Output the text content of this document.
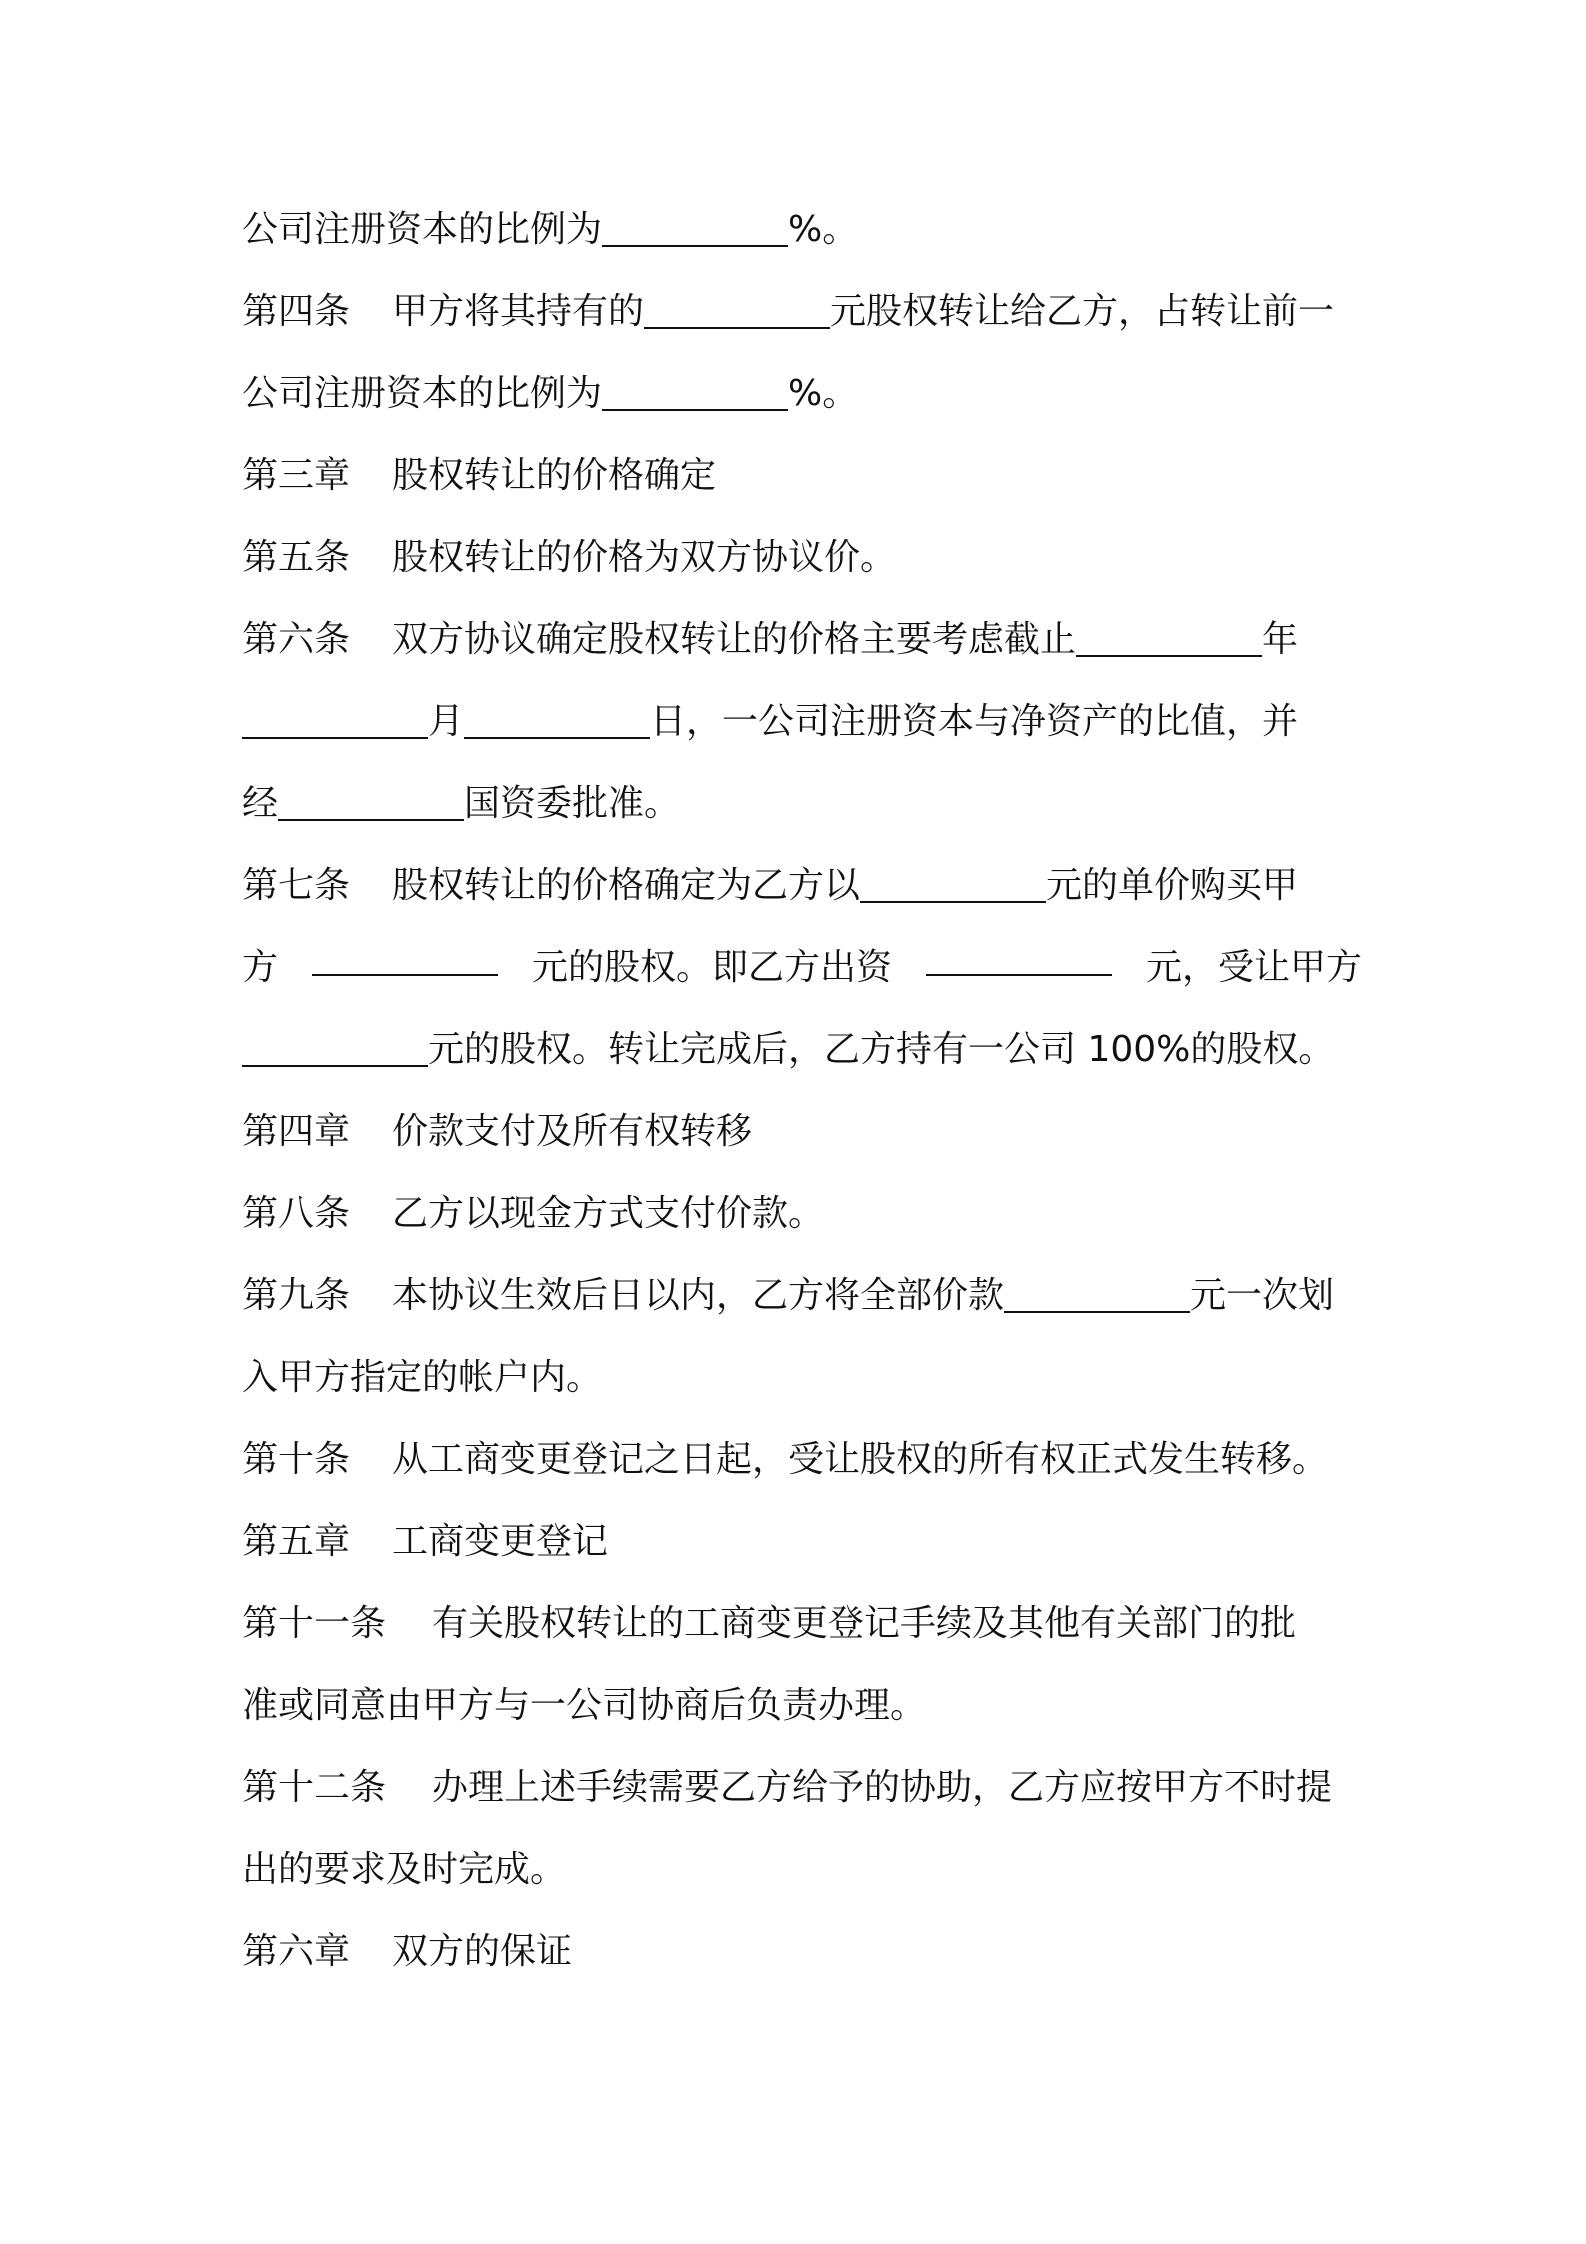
公司注册资本的比例为	%。
第四条 甲方将其持有的	元股权转让给乙方，占转让前一
公司注册资本的比例为	%。
第三章 股权转让的价格确定
第五条 股权转让的价格为双方协议价。
第六条 双方协议确定股权转让的价格主要考虑截止	年
月	日，一公司注册资本与净资产的比值，并
经	国资委批准。
第七条 股权转让的价格确定为乙方以	元的单价购买甲
方	元的股权。即乙方出资	元，受让甲方
元的股权。转让完成后，乙方持有一公司 100%的股权。
第四章 价款支付及所有权转移
第八条 乙方以现金方式支付价款。
第九条 本协议生效后日以内，乙方将全部价款	元一次划
入甲方指定的帐户内。
第十条 从工商变更登记之日起，受让股权的所有权正式发生转移。
第五章 工商变更登记
第十一条 有关股权转让的工商变更登记手续及其他有关部门的批
准或同意由甲方与一公司协商后负责办理。
第十二条 办理上述手续需要乙方给予的协助，乙方应按甲方不时提
出的要求及时完成。
第六章 双方的保证
